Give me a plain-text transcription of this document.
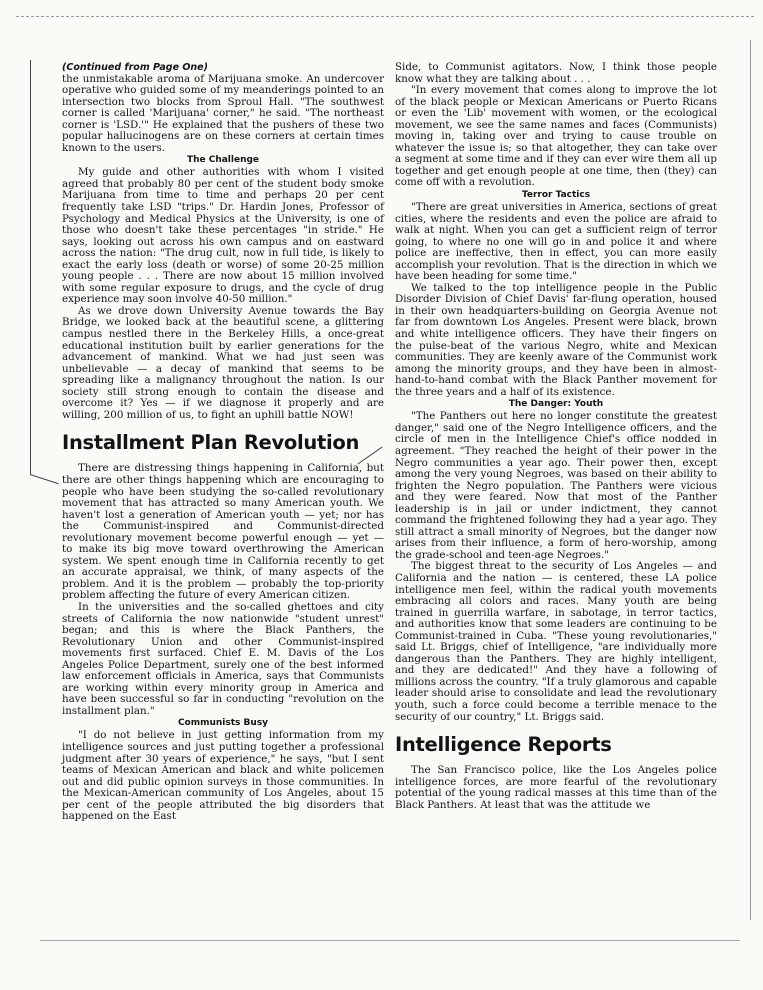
(Continued from Page One)
the unmistakable aroma of Marijuana smoke. An undercover operative who guided some of my meanderings pointed to an intersection two blocks from Sproul Hall. "The southwest corner is called 'Marijuana' corner," he said. "The northeast corner is 'LSD.'" He explained that the pushers of these two popular hallucinogens are on these corners at certain times known to the users.

The Challenge

My guide and other authorities with whom I visited agreed that probably 80 per cent of the student body smoke Marijuana from time to time and perhaps 20 per cent frequently take LSD "trips." Dr. Hardin Jones, Professor of Psychology and Medical Physics at the University, is one of those who doesn't take these percentages "in stride." He says, looking out across his own campus and on eastward across the nation: "The drug cult, now in full tide, is likely to exact the early loss (death or worse) of some 20-25 million young people . . . There are now about 15 million involved with some regular exposure to drugs, and the cycle of drug experience may soon involve 40-50 million."

As we drove down University Avenue towards the Bay Bridge, we looked back at the beautiful scene, a glittering campus nestled there in the Berkeley Hills, a once-great educational institution built by earlier generations for the advancement of mankind. What we had just seen was unbelievable — a decay of mankind that seems to be spreading like a malignancy throughout the nation. Is our society still strong enough to contain the disease and overcome it? Yes — if we diagnose it properly and are willing, 200 million of us, to fight an uphill battle NOW!

Installment Plan Revolution

There are distressing things happening in California, but there are other things happening which are encouraging to people who have been studying the so-called revolutionary movement that has attracted so many American youth. We haven't lost a generation of American youth — yet; nor has the Communist-inspired and Communist-directed revolutionary movement become powerful enough — yet — to make its big move toward overthrowing the American system. We spent enough time in California recently to get an accurate appraisal, we think, of many aspects of the problem. And it is the problem — probably the top-priority problem affecting the future of every American citizen.

In the universities and the so-called ghettoes and city streets of California the now nationwide "student unrest" began; and this is where the Black Panthers, the Revolutionary Union and other Communist-inspired movements first surfaced. Chief E. M. Davis of the Los Angeles Police Department, surely one of the best informed law enforcement officials in America, says that Communists are working within every minority group in America and have been successful so far in conducting "revolution on the installment plan."

Communists Busy

"I do not believe in just getting information from my intelligence sources and just putting together a professional judgment after 30 years of experience," he says, "but I sent teams of Mexican American and black and white policemen out and did public opinion surveys in those communities. In the Mexican-American community of Los Angeles, about 15 per cent of the people attributed the big disorders that happened on the East

Side, to Communist agitators. Now, I think those people know what they are talking about . . .

"In every movement that comes along to improve the lot of the black people or Mexican Americans or Puerto Ricans or even the 'Lib' movement with women, or the ecological movement, we see the same names and faces (Communists) moving in, taking over and trying to cause trouble on whatever the issue is; so that altogether, they can take over a segment at some time and if they can ever wire them all up together and get enough people at one time, then (they) can come off with a revolution.

Terror Tactics

"There are great universities in America, sections of great cities, where the residents and even the police are afraid to walk at night. When you can get a sufficient reign of terror going, to where no one will go in and police it and where police are ineffective, then in effect, you can more easily accomplish your revolution. That is the direction in which we have been heading for some time."

We talked to the top intelligence people in the Public Disorder Division of Chief Davis' far-flung operation, housed in their own headquarters-building on Georgia Avenue not far from downtown Los Angeles. Present were black, brown and white intelligence officers. They have their fingers on the pulse-beat of the various Negro, white and Mexican communities. They are keenly aware of the Communist work among the minority groups, and they have been in almost-hand-to-hand combat with the Black Panther movement for the three years and a half of its existence.

The Danger: Youth

"The Panthers out here no longer constitute the greatest danger," said one of the Negro Intelligence officers, and the circle of men in the Intelligence Chief's office nodded in agreement. "They reached the height of their power in the Negro communities a year ago. Their power then, except among the very young Negroes, was based on their ability to frighten the Negro population. The Panthers were vicious and they were feared. Now that most of the Panther leadership is in jail or under indictment, they cannot command the frightened following they had a year ago. They still attract a small minority of Negroes, but the danger now arises from their influence, a form of hero-worship, among the grade-school and teen-age Negroes."

The biggest threat to the security of Los Angeles — and California and the nation — is centered, these LA police intelligence men feel, within the radical youth movements embracing all colors and races. Many youth are being trained in guerrilla warfare, in sabotage, in terror tactics, and authorities know that some leaders are continuing to be Communist-trained in Cuba. "These young revolutionaries," said Lt. Briggs, chief of Intelligence, "are individually more dangerous than the Panthers. They are highly intelligent, and they are dedicated!" And they have a following of millions across the country. "If a truly glamorous and capable leader should arise to consolidate and lead the revolutionary youth, such a force could become a terrible menace to the security of our country," Lt. Briggs said.

Intelligence Reports

The San Francisco police, like the Los Angeles police intelligence forces, are more fearful of the revolutionary potential of the young radical masses at this time than of the Black Panthers. At least that was the attitude we
